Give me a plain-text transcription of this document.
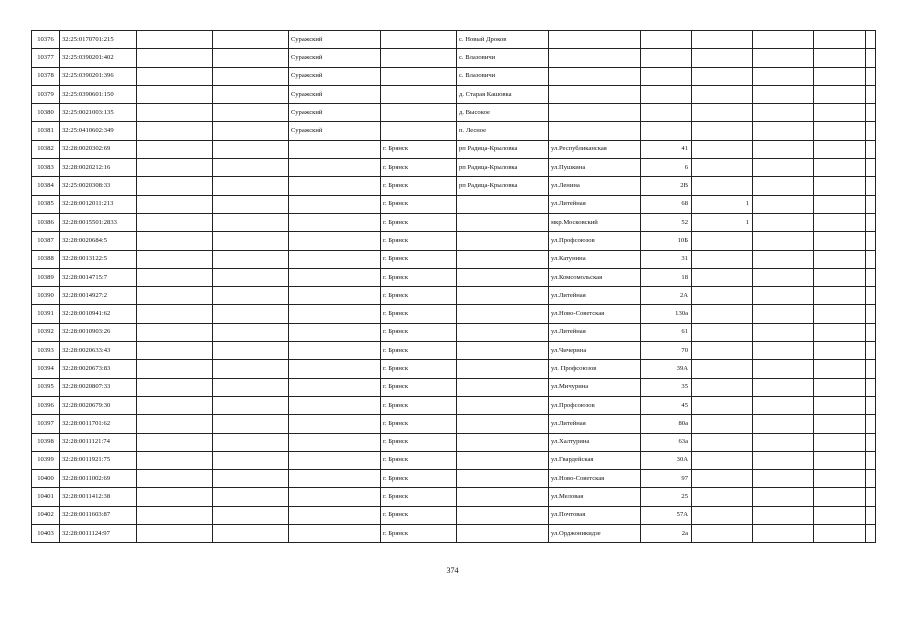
10376	32:25:0170701:215			Суражский		с. Новый Дроков						
10377	32:25:0390201:402			Суражский		с. Влазовичи						
10378	32:25:0390201:396			Суражский		с. Влазовичи						
10379	32:25:0390601:150			Суражский		д. Старая Кашовка						
10380	32:25:0021003:135			Суражский		д. Высокое						
10381	32:25:0410602:349			Суражский		п. Лесное						
10382	32:28:0020302:69				г. Брянск	рп Радица-Крыловка	ул.Республиканская	41				
10383	32:28:0020212:16				г. Брянск	рп Радица-Крыловка	ул.Пушкина	6				
10384	32:25:0020308:33				г. Брянск	рп Радица-Крыловка	ул.Ленина	2В				
10385	32:28:0012011:213				г. Брянск		ул.Литейная	68	1			
10386	32:28:0015501:2833				г. Брянск		мкр.Московский	52	1			
10387	32:28:0020684:5				г. Брянск		ул.Профсоюзов	10Б				
10388	32:28:0013122:5				г. Брянск		ул.Катунина	31				
10389	32:28:0014715:7				г. Брянск		ул.Комсомольская	18				
10390	32:28:0014927:2				г. Брянск		ул.Литейная	2А				
10391	32:28:0010941:62				г. Брянск		ул.Ново-Советская	130а				
10392	32:28:0010903:26				г. Брянск		ул.Литейная	61				
10393	32:28:0020633:43				г. Брянск		ул.Чичерина	70				
10394	32:28:0020673:83				г. Брянск		ул. Профсоюзов	39А				
10395	32:28:0020807:33				г. Брянск		ул.Мичурина	35				
10396	32:28:0020679:30				г. Брянск		ул.Профсоюзов	45				
10397	32:28:0011701:62				г. Брянск		ул.Литейная	80а				
10398	32:28:0011121:74				г. Брянск		ул.Халтурина	63а				
10399	32:28:0011921:75				г. Брянск		ул.Гвардейская	30А				
10400	32:28:0011002:69				г. Брянск		ул.Ново-Советская	97				
10401	32:28:0011412:38				г. Брянск		ул.Меловая	25				
10402	32:28:0011603:87				г. Брянск		ул.Почтовая	57А				
10403	32:28:0011124:97				г. Брянск		ул.Орджоникидзе	2а				
374
